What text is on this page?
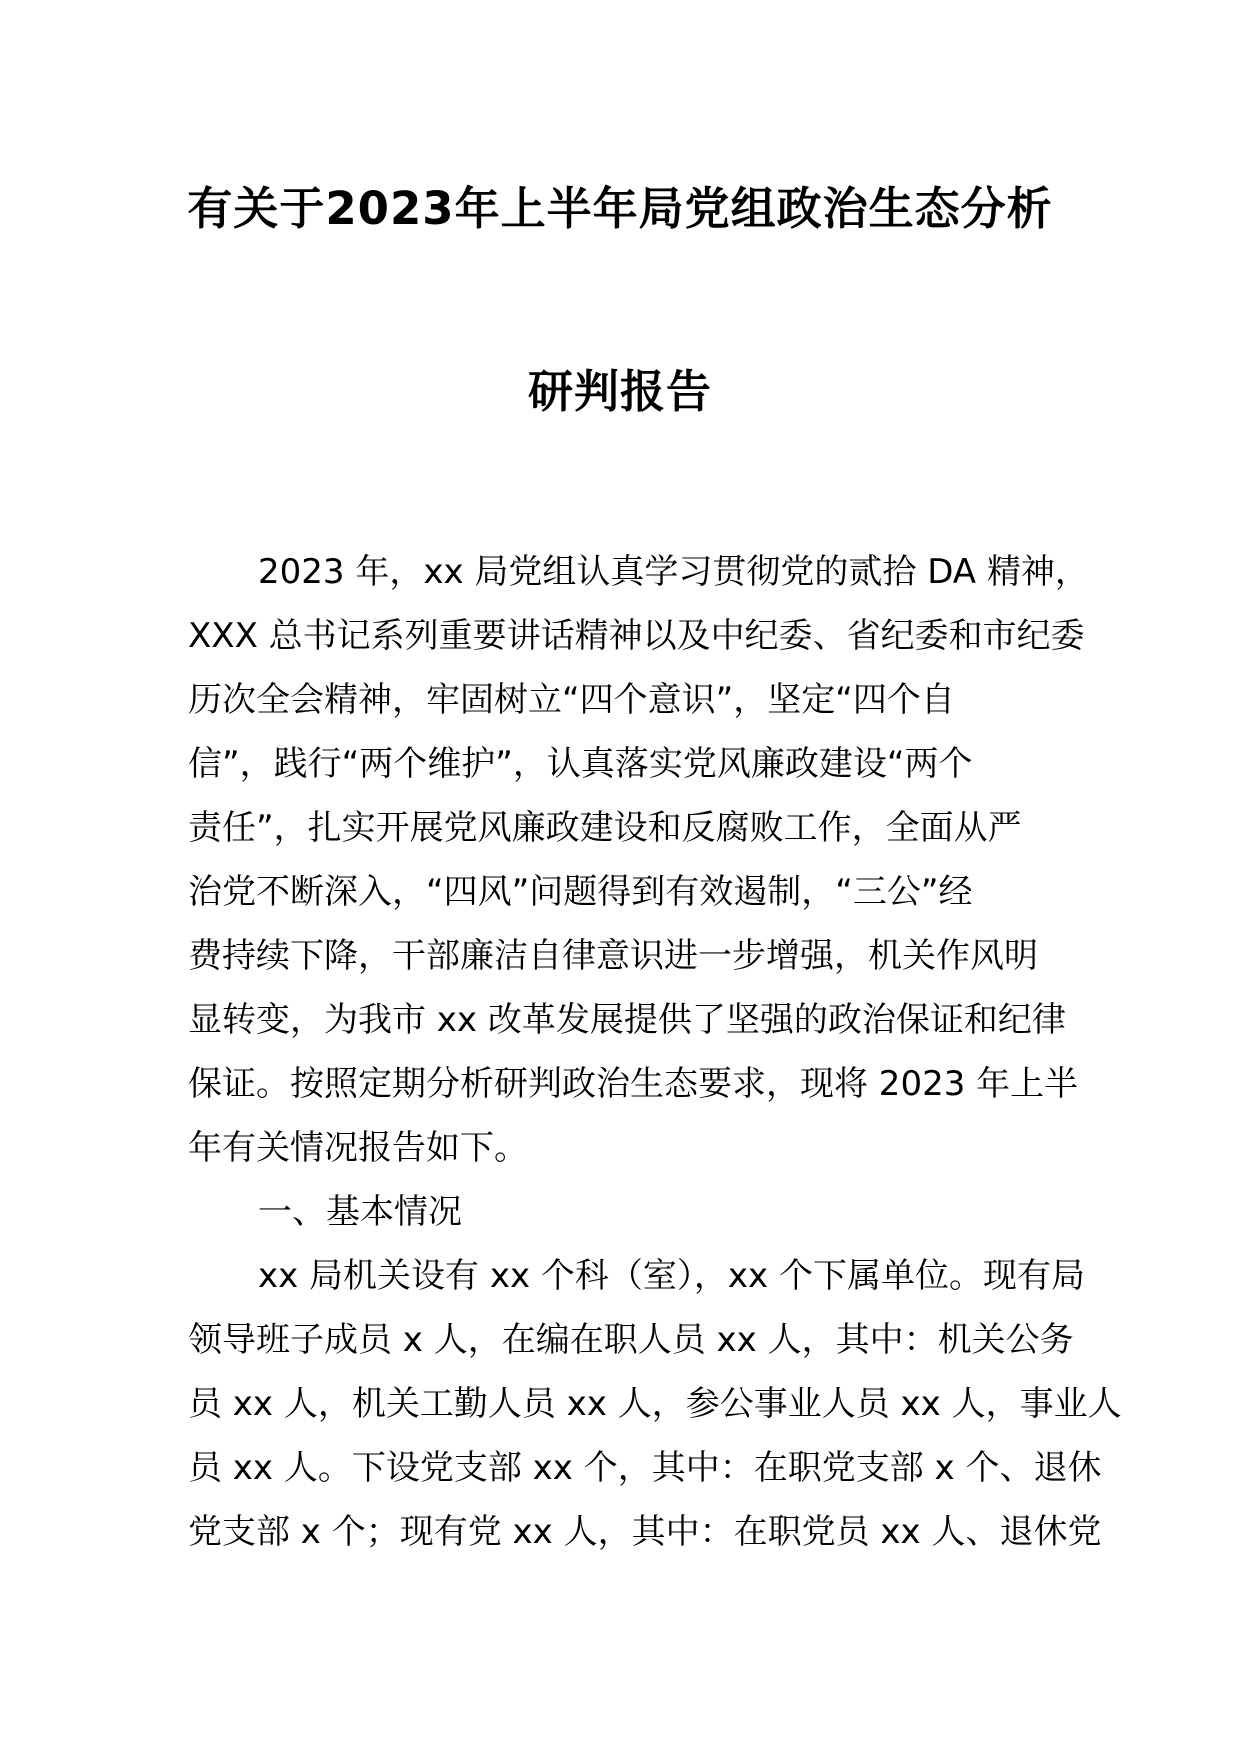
有关于2023年上半年局党组政治生态分析
研判报告
2023 年，xx 局党组认真学习贯彻党的贰拾 DA 精神，
XXX 总书记系列重要讲话精神以及中纪委、省纪委和市纪委
历次全会精神，牢固树立“四个意识”，坚定“四个自
信”，践行“两个维护”，认真落实党风廉政建设“两个
责任”，扎实开展党风廉政建设和反腐败工作，全面从严
治党不断深入，“四风”问题得到有效遏制，“三公”经
费持续下降，干部廉洁自律意识进一步增强，机关作风明
显转变，为我市 xx 改革发展提供了坚强的政治保证和纪律
保证。按照定期分析研判政治生态要求，现将 2023 年上半
年有关情况报告如下。
一、基本情况
xx 局机关设有 xx 个科（室），xx 个下属单位。现有局
领导班子成员 x 人，在编在职人员 xx 人，其中：机关公务
员 xx 人，机关工勤人员 xx 人，参公事业人员 xx 人，事业人
员 xx 人。下设党支部 xx 个，其中：在职党支部 x 个、退休
党支部 x 个；现有党 xx 人，其中：在职党员 xx 人、退休党
